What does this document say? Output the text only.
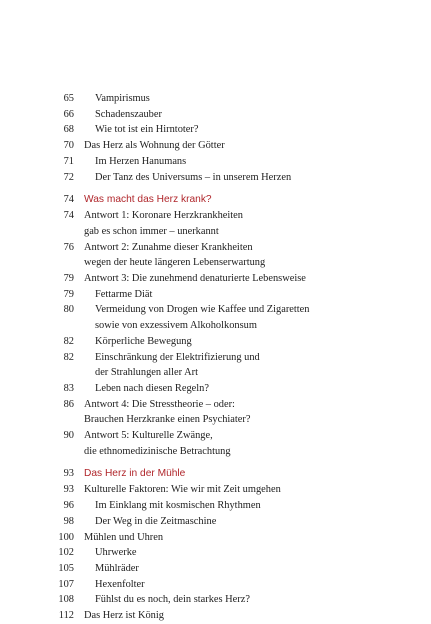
65 Vampirismus
66 Schadenszauber
68 Wie tot ist ein Hirntoter?
70 Das Herz als Wohnung der Götter
71 Im Herzen Hanumans
72 Der Tanz des Universums – in unserem Herzen
74 Was macht das Herz krank?
74 Antwort 1: Koronare Herzkrankheiten
gab es schon immer – unerkannt
76 Antwort 2: Zunahme dieser Krankheiten
wegen der heute längeren Lebenserwartung
79 Antwort 3: Die zunehmend denaturierte Lebensweise
79 Fettarme Diät
80 Vermeidung von Drogen wie Kaffee und Zigaretten
sowie von exzessivem Alkoholkonsum
82 Körperliche Bewegung
82 Einschränkung der Elektrifizierung und
der Strahlungen aller Art
83 Leben nach diesen Regeln?
86 Antwort 4: Die Stresstheorie – oder:
Brauchen Herzkranke einen Psychiater?
90 Antwort 5: Kulturelle Zwänge,
die ethnomedizinische Betrachtung
93 Das Herz in der Mühle
93 Kulturelle Faktoren: Wie wir mit Zeit umgehen
96 Im Einklang mit kosmischen Rhythmen
98 Der Weg in die Zeitmaschine
100 Mühlen und Uhren
102 Uhrwerke
105 Mühlräder
107 Hexenfolter
108 Fühlst du es noch, dein starkes Herz?
112 Das Herz ist König
